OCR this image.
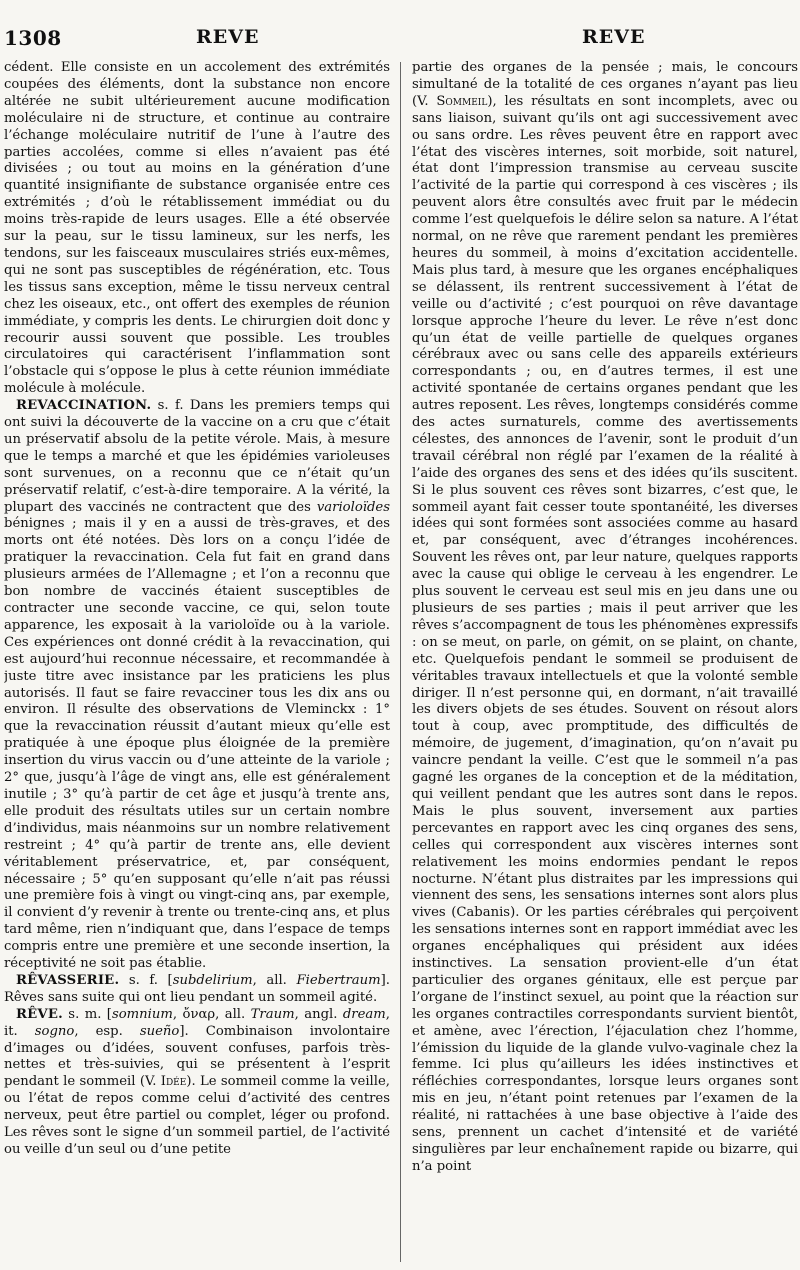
1308	REVE	REVE

cédent. Elle consiste en un accolement des extrémités coupées des éléments, dont la substance non encore altérée ne subit ultérieurement aucune modification moléculaire ni de structure, et continue au contraire l’échange moléculaire nutritif de l’une à l’autre des parties accolées, comme si elles n’avaient pas été divisées ; ou tout au moins en la génération d’une quantité insignifiante de substance organisée entre ces extrémités ; d’où le rétablissement immédiat ou du moins très-rapide de leurs usages. Elle a été observée sur la peau, sur le tissu lamineux, sur les nerfs, les tendons, sur les faisceaux musculaires striés eux-mêmes, qui ne sont pas susceptibles de régénération, etc. Tous les tissus sans exception, même le tissu nerveux central chez les oiseaux, etc., ont offert des exemples de réunion immédiate, y compris les dents. Le chirurgien doit donc y recourir aussi souvent que possible. Les troubles circulatoires qui caractérisent l’inflammation sont l’obstacle qui s’oppose le plus à cette réunion immédiate molécule à molécule.

REVACCINATION. s. f. Dans les premiers temps qui ont suivi la découverte de la vaccine on a cru que c’était un préservatif absolu de la petite vérole. Mais, à mesure que le temps a marché et que les épidémies varioleuses sont survenues, on a reconnu que ce n’était qu’un préservatif relatif, c’est-à-dire temporaire. A la vérité, la plupart des vaccinés ne contractent que des varioloïdes bénignes ; mais il y en a aussi de très-graves, et des morts ont été notées. Dès lors on a conçu l’idée de pratiquer la revaccination. Cela fut fait en grand dans plusieurs armées de l’Allemagne ; et l’on a reconnu que bon nombre de vaccinés étaient susceptibles de contracter une seconde vaccine, ce qui, selon toute apparence, les exposait à la varioloïde ou à la variole. Ces expériences ont donné crédit à la revaccination, qui est aujourd’hui reconnue nécessaire, et recommandée à juste titre avec insistance par les praticiens les plus autorisés. Il faut se faire revacciner tous les dix ans ou environ. Il résulte des observations de Vleminckx : 1° que la revaccination réussit d’autant mieux qu’elle est pratiquée à une époque plus éloignée de la première insertion du virus vaccin ou d’une atteinte de la variole ; 2° que, jusqu’à l’âge de vingt ans, elle est généralement inutile ; 3° qu’à partir de cet âge et jusqu’à trente ans, elle produit des résultats utiles sur un certain nombre d’individus, mais néanmoins sur un nombre relativement restreint ; 4° qu’à partir de trente ans, elle devient véritablement préservatrice, et, par conséquent, nécessaire ; 5° qu’en supposant qu’elle n’ait pas réussi une première fois à vingt ou vingt-cinq ans, par exemple, il convient d’y revenir à trente ou trente-cinq ans, et plus tard même, rien n’indiquant que, dans l’espace de temps compris entre une première et une seconde insertion, la réceptivité ne soit pas établie.

RÊVASSERIE. s. f. [subdelirium, all. Fiebertraum]. Rêves sans suite qui ont lieu pendant un sommeil agité.

RÊVE. s. m. [somnium, ὄναρ, all. Traum, angl. dream, it. sogno, esp. sueño]. Combinaison involontaire d’images ou d’idées, souvent confuses, parfois très-nettes et très-suivies, qui se présentent à l’esprit pendant le sommeil (V. Idée). Le sommeil comme la veille, ou l’état de repos comme celui d’activité des centres nerveux, peut être partiel ou complet, léger ou profond. Les rêves sont le signe d’un sommeil partiel, de l’activité ou veille d’un seul ou d’une petite

partie des organes de la pensée ; mais, le concours simultané de la totalité de ces organes n’ayant pas lieu (V. Sommeil), les résultats en sont incomplets, avec ou sans liaison, suivant qu’ils ont agi successivement avec ou sans ordre. Les rêves peuvent être en rapport avec l’état des viscères internes, soit morbide, soit naturel, état dont l’impression transmise au cerveau suscite l’activité de la partie qui correspond à ces viscères ; ils peuvent alors être consultés avec fruit par le médecin comme l’est quelquefois le délire selon sa nature. A l’état normal, on ne rêve que rarement pendant les premières heures du sommeil, à moins d’excitation accidentelle. Mais plus tard, à mesure que les organes encéphaliques se délassent, ils rentrent successivement à l’état de veille ou d’activité ; c’est pourquoi on rêve davantage lorsque approche l’heure du lever. Le rêve n’est donc qu’un état de veille partielle de quelques organes cérébraux avec ou sans celle des appareils extérieurs correspondants ; ou, en d’autres termes, il est une activité spontanée de certains organes pendant que les autres reposent. Les rêves, longtemps considérés comme des actes surnaturels, comme des avertissements célestes, des annonces de l’avenir, sont le produit d’un travail cérébral non réglé par l’examen de la réalité à l’aide des organes des sens et des idées qu’ils suscitent. Si le plus souvent ces rêves sont bizarres, c’est que, le sommeil ayant fait cesser toute spontanéité, les diverses idées qui sont formées sont associées comme au hasard et, par conséquent, avec d’étranges incohérences. Souvent les rêves ont, par leur nature, quelques rapports avec la cause qui oblige le cerveau à les engendrer. Le plus souvent le cerveau est seul mis en jeu dans une ou plusieurs de ses parties ; mais il peut arriver que les rêves s’accompagnent de tous les phénomènes expressifs : on se meut, on parle, on gémit, on se plaint, on chante, etc. Quelquefois pendant le sommeil se produisent de véritables travaux intellectuels et que la volonté semble diriger. Il n’est personne qui, en dormant, n’ait travaillé les divers objets de ses études. Souvent on résout alors tout à coup, avec promptitude, des difficultés de mémoire, de jugement, d’imagination, qu’on n’avait pu vaincre pendant la veille. C’est que le sommeil n’a pas gagné les organes de la conception et de la méditation, qui veillent pendant que les autres sont dans le repos. Mais le plus souvent, inversement aux parties percevantes en rapport avec les cinq organes des sens, celles qui correspondent aux viscères internes sont relativement les moins endormies pendant le repos nocturne. N’étant plus distraites par les impressions qui viennent des sens, les sensations internes sont alors plus vives (Cabanis). Or les parties cérébrales qui perçoivent les sensations internes sont en rapport immédiat avec les organes encéphaliques qui président aux idées instinctives. La sensation provient-elle d’un état particulier des organes génitaux, elle est perçue par l’organe de l’instinct sexuel, au point que la réaction sur les organes contractiles correspondants survient bientôt, et amène, avec l’érection, l’éjaculation chez l’homme, l’émission du liquide de la glande vulvo-vaginale chez la femme. Ici plus qu’ailleurs les idées instinctives et réfléchies correspondantes, lorsque leurs organes sont mis en jeu, n’étant point retenues par l’examen de la réalité, ni rattachées à une base objective à l’aide des sens, prennent un cachet d’intensité et de variété singulières par leur enchaînement rapide ou bizarre, qui n’a point
